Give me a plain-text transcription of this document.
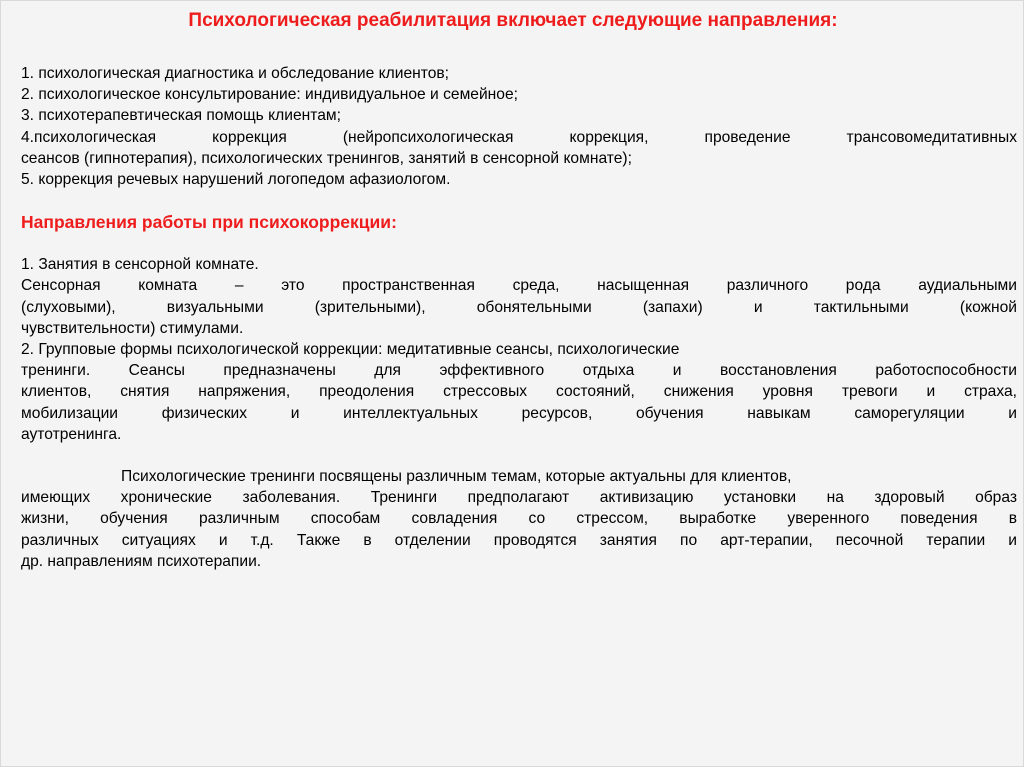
Психологическая реабилитация включает следующие направления:

1. психологическая диагностика и обследование клиентов;

2. психологическое консультирование: индивидуальное и семейное;

3. психотерапевтическая помощь клиентам;

4.психологическая коррекция (нейропсихологическая коррекция, проведение трансовомедитативных

сеансов (гипнотерапия), психологических тренингов, занятий в сенсорной комнате);

5. коррекция речевых нарушений логопедом афазиологом.

Направления работы при психокоррекции:

1. Занятия в сенсорной комнате.

Сенсорная комната – это пространственная среда, насыщенная различного рода аудиальными

(слуховыми), визуальными (зрительными), обонятельными (запахи) и тактильными (кожной

чувствительности) стимулами.

2. Групповые формы психологической коррекции: медитативные сеансы, психологические

тренинги. Сеансы предназначены для эффективного отдыха и восстановления работоспособности

клиентов, снятия напряжения, преодоления стрессовых состояний, снижения уровня тревоги и страха,

мобилизации физических и интеллектуальных ресурсов, обучения навыкам саморегуляции и

аутотренинга.

Психологические тренинги посвящены различным темам, которые актуальны для клиентов,

имеющих хронические заболевания. Тренинги предполагают активизацию установки на здоровый образ

жизни, обучения различным способам совладения со стрессом, выработке уверенного поведения в

различных ситуациях и т.д. Также в отделении проводятся занятия по арт-терапии, песочной терапии и

др. направлениям психотерапии.
